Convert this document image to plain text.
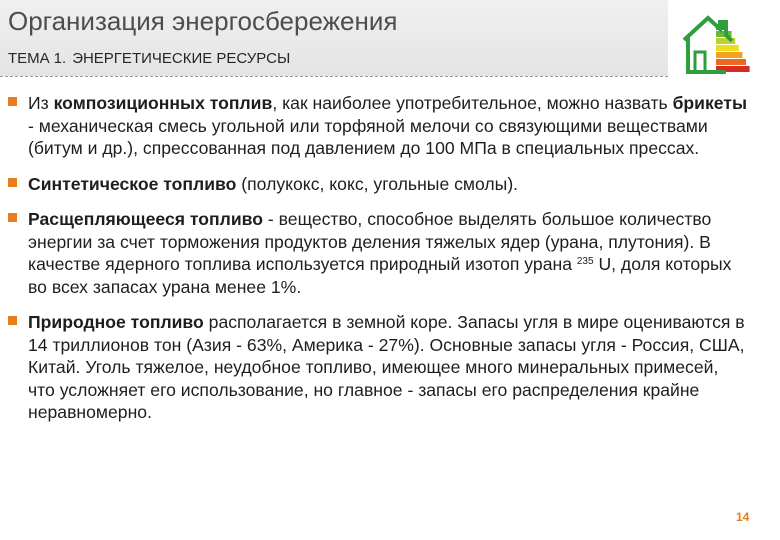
Организация энергосбережения
ТЕМА 1. ЭНЕРГЕТИЧЕСКИЕ РЕСУРСЫ
Из композиционных топлив, как наиболее употребительное, можно назвать брикеты - механическая смесь угольной или торфяной мелочи со связующими веществами (битум и др.), спрессованная под давлением до 100 МПа в специальных прессах.
Синтетическое топливо (полукокс, кокс, угольные смолы).
Расщепляющееся топливо - вещество, способное выделять большое количество энергии за счет торможения продуктов деления тяжелых ядер (урана, плутония). В качестве ядерного топлива используется природный изотоп урана $^{235}$ U, доля которых во всех запасах урана менее 1%.
Природное топливо располагается в земной коре. Запасы угля в мире оцениваются в 14 триллионов тон (Азия - 63%, Америка - 27%). Основные запасы угля - Россия, США, Китай. Уголь тяжелое, неудобное топливо, имеющее много минеральных примесей, что усложняет его использование, но главное - запасы его распределения крайне неравномерно.
14
